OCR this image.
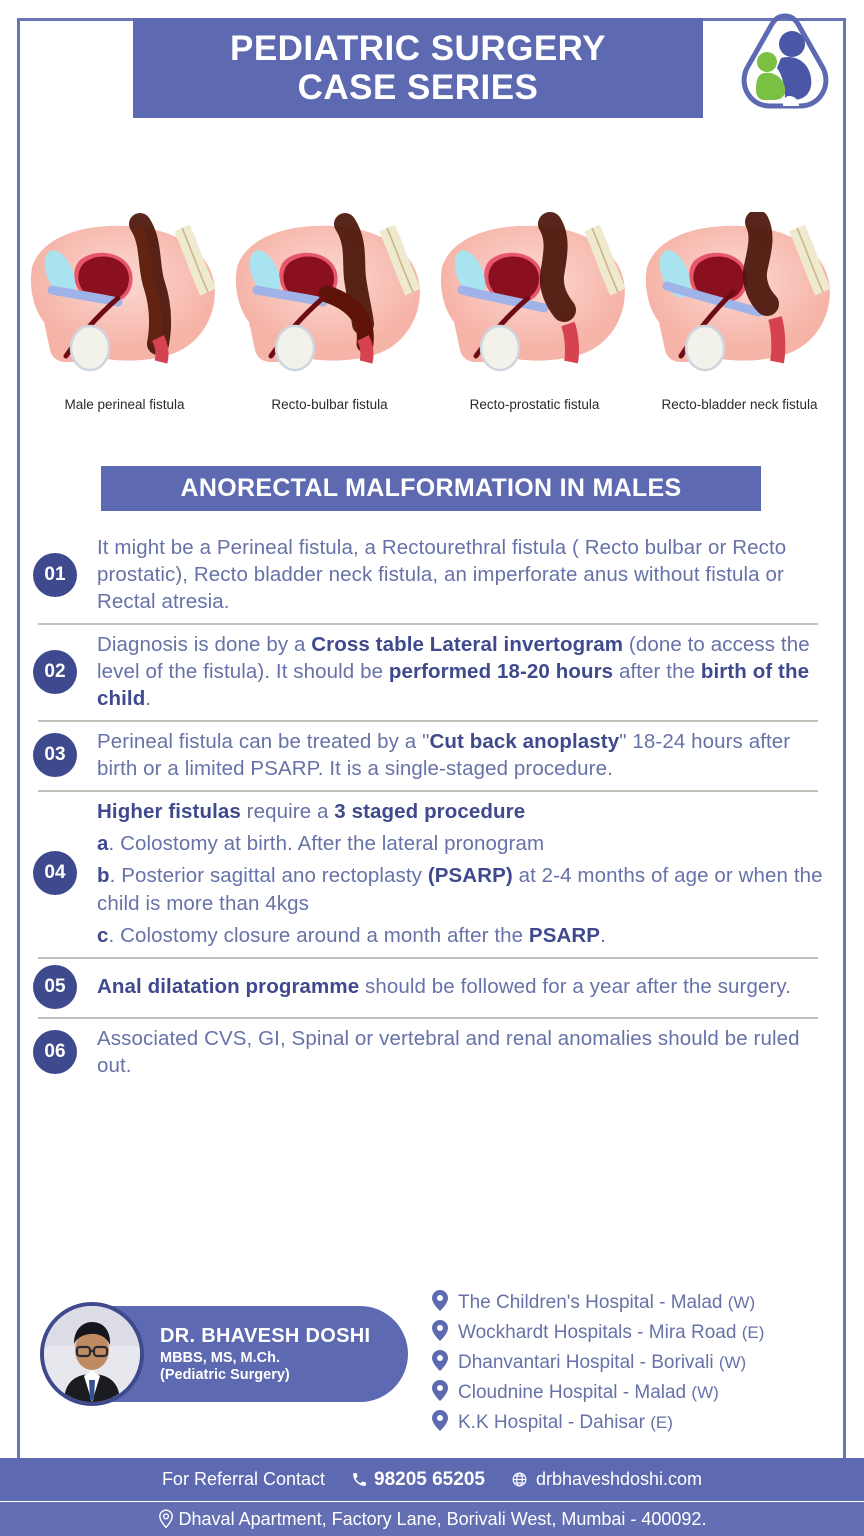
PEDIATRIC SURGERY
CASE SERIES
Male perineal fistula	Recto-bulbar fistula	Recto-prostatic fistula	Recto-bladder neck fistula
ANORECTAL MALFORMATION IN MALES
01
It might be a Perineal fistula, a Rectourethral fistula ( Recto bulbar or Recto prostatic), Recto bladder neck fistula, an imperforate anus without fistula or Rectal atresia.
02
Diagnosis is done by a Cross table Lateral invertogram (done to access the level of the fistula). It should be performed 18-20 hours after the birth of the child.
03
Perineal fistula can be treated by a "Cut back anoplasty" 18-24 hours after birth or a limited PSARP. It is a single-staged procedure.
04
Higher fistulas require a 3 staged procedure
a. Colostomy at birth. After the lateral pronogram
b. Posterior sagittal ano rectoplasty (PSARP) at 2-4 months of age or when the child is more than 4kgs
c. Colostomy closure around a month after the PSARP.
05	Anal dilatation programme should be followed for a year after the surgery.
06
Associated CVS, GI, Spinal or vertebral and renal anomalies should be ruled out.
DR. BHAVESH DOSHI
MBBS, MS, M.Ch.
(Pediatric Surgery)
The Children's Hospital - Malad (W)
Wockhardt Hospitals - Mira Road (E)
Dhanvantari Hospital - Borivali (W)
Cloudnine Hospital - Malad (W)
K.K Hospital - Dahisar (E)
For Referral Contact	98205 65205	drbhaveshdoshi.com
Dhaval Apartment, Factory Lane, Borivali West, Mumbai - 400092.
